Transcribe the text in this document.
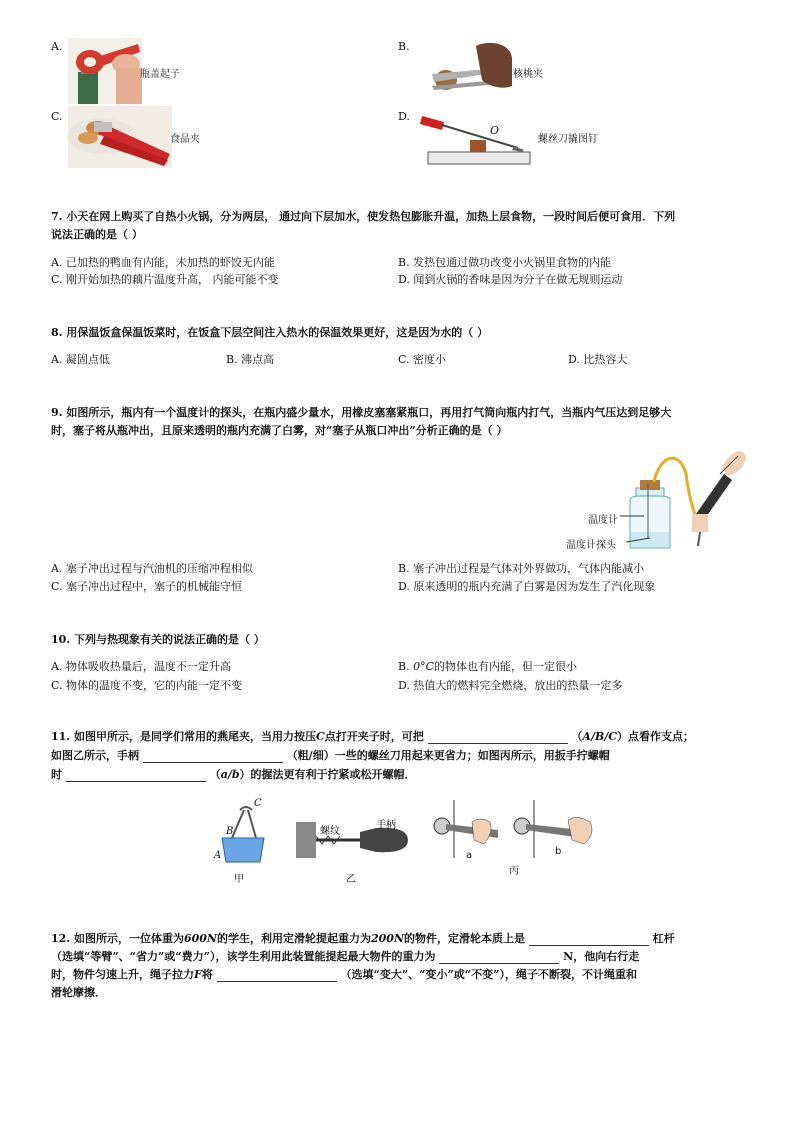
A.
瓶盖起子
B.
核桃夹
C.
食品夹
D.
O
螺丝刀撬图钉
7. 小天在网上购买了自热小火锅，分为两层， 通过向下层加水，使发热包膨胀升温，加热上层食物，一段时间后便可食用．下列
说法正确的是（ ）
A. 已加热的鸭血有内能，未加热的虾饺无内能	B. 发热包通过做功改变小火锅里食物的内能
C. 刚开始加热的藕片温度升高， 内能可能不变	D. 闻到火锅的香味是因为分子在做无规则运动
8. 用保温饭盒保温饭菜时，在饭盒下层空间注入热水的保温效果更好，这是因为水的（ ）
A. 凝固点低	B. 沸点高	C. 密度小	D. 比热容大
9. 如图所示，瓶内有一个温度计的探头，在瓶内盛少量水，用橡皮塞塞紧瓶口，再用打气筒向瓶内打气，当瓶内气压达到足够大
时，塞子将从瓶冲出，且原来透明的瓶内充满了白雾，对“塞子从瓶口冲出”分析正确的是（ ）
温度计
温度计探头
A. 塞子冲出过程与汽油机的压缩冲程相似	B. 塞子冲出过程是气体对外界做功，气体内能减小
C. 塞子冲出过程中，塞子的机械能守恒	D. 原来透明的瓶内充满了白雾是因为发生了汽化现象
10. 下列与热现象有关的说法正确的是（ ）
A. 物体吸收热量后，温度不一定升高	B. 0°C的物体也有内能，但一定很小
C. 物体的温度不变，它的内能一定不变	D. 热值大的燃料完全燃烧，放出的热量一定多
11. 如图甲所示，是同学们常用的燕尾夹，当用力按压C点打开夹子时，可把	（A/B/C）点看作支点；
如图乙所示，手柄	（粗/细）一些的螺丝刀用起来更省力；如图丙所示，用扳手拧螺帽
时	（a/b）的握法更有利于拧紧或松开螺帽．
C
B
A
甲
螺纹
手柄
乙
a	b
丙
12. 如图所示，一位体重为600N的学生，利用定滑轮提起重力为200N的物件，定滑轮本质上是	杠杆
（选填“等臂”、“省力”或“费力”），该学生利用此装置能提起最大物件的重力为	N，他向右行走
时，物件匀速上升，绳子拉力F将	（选填“变大”、“变小”或“不变”），绳子不断裂，不计绳重和
滑轮摩擦．
